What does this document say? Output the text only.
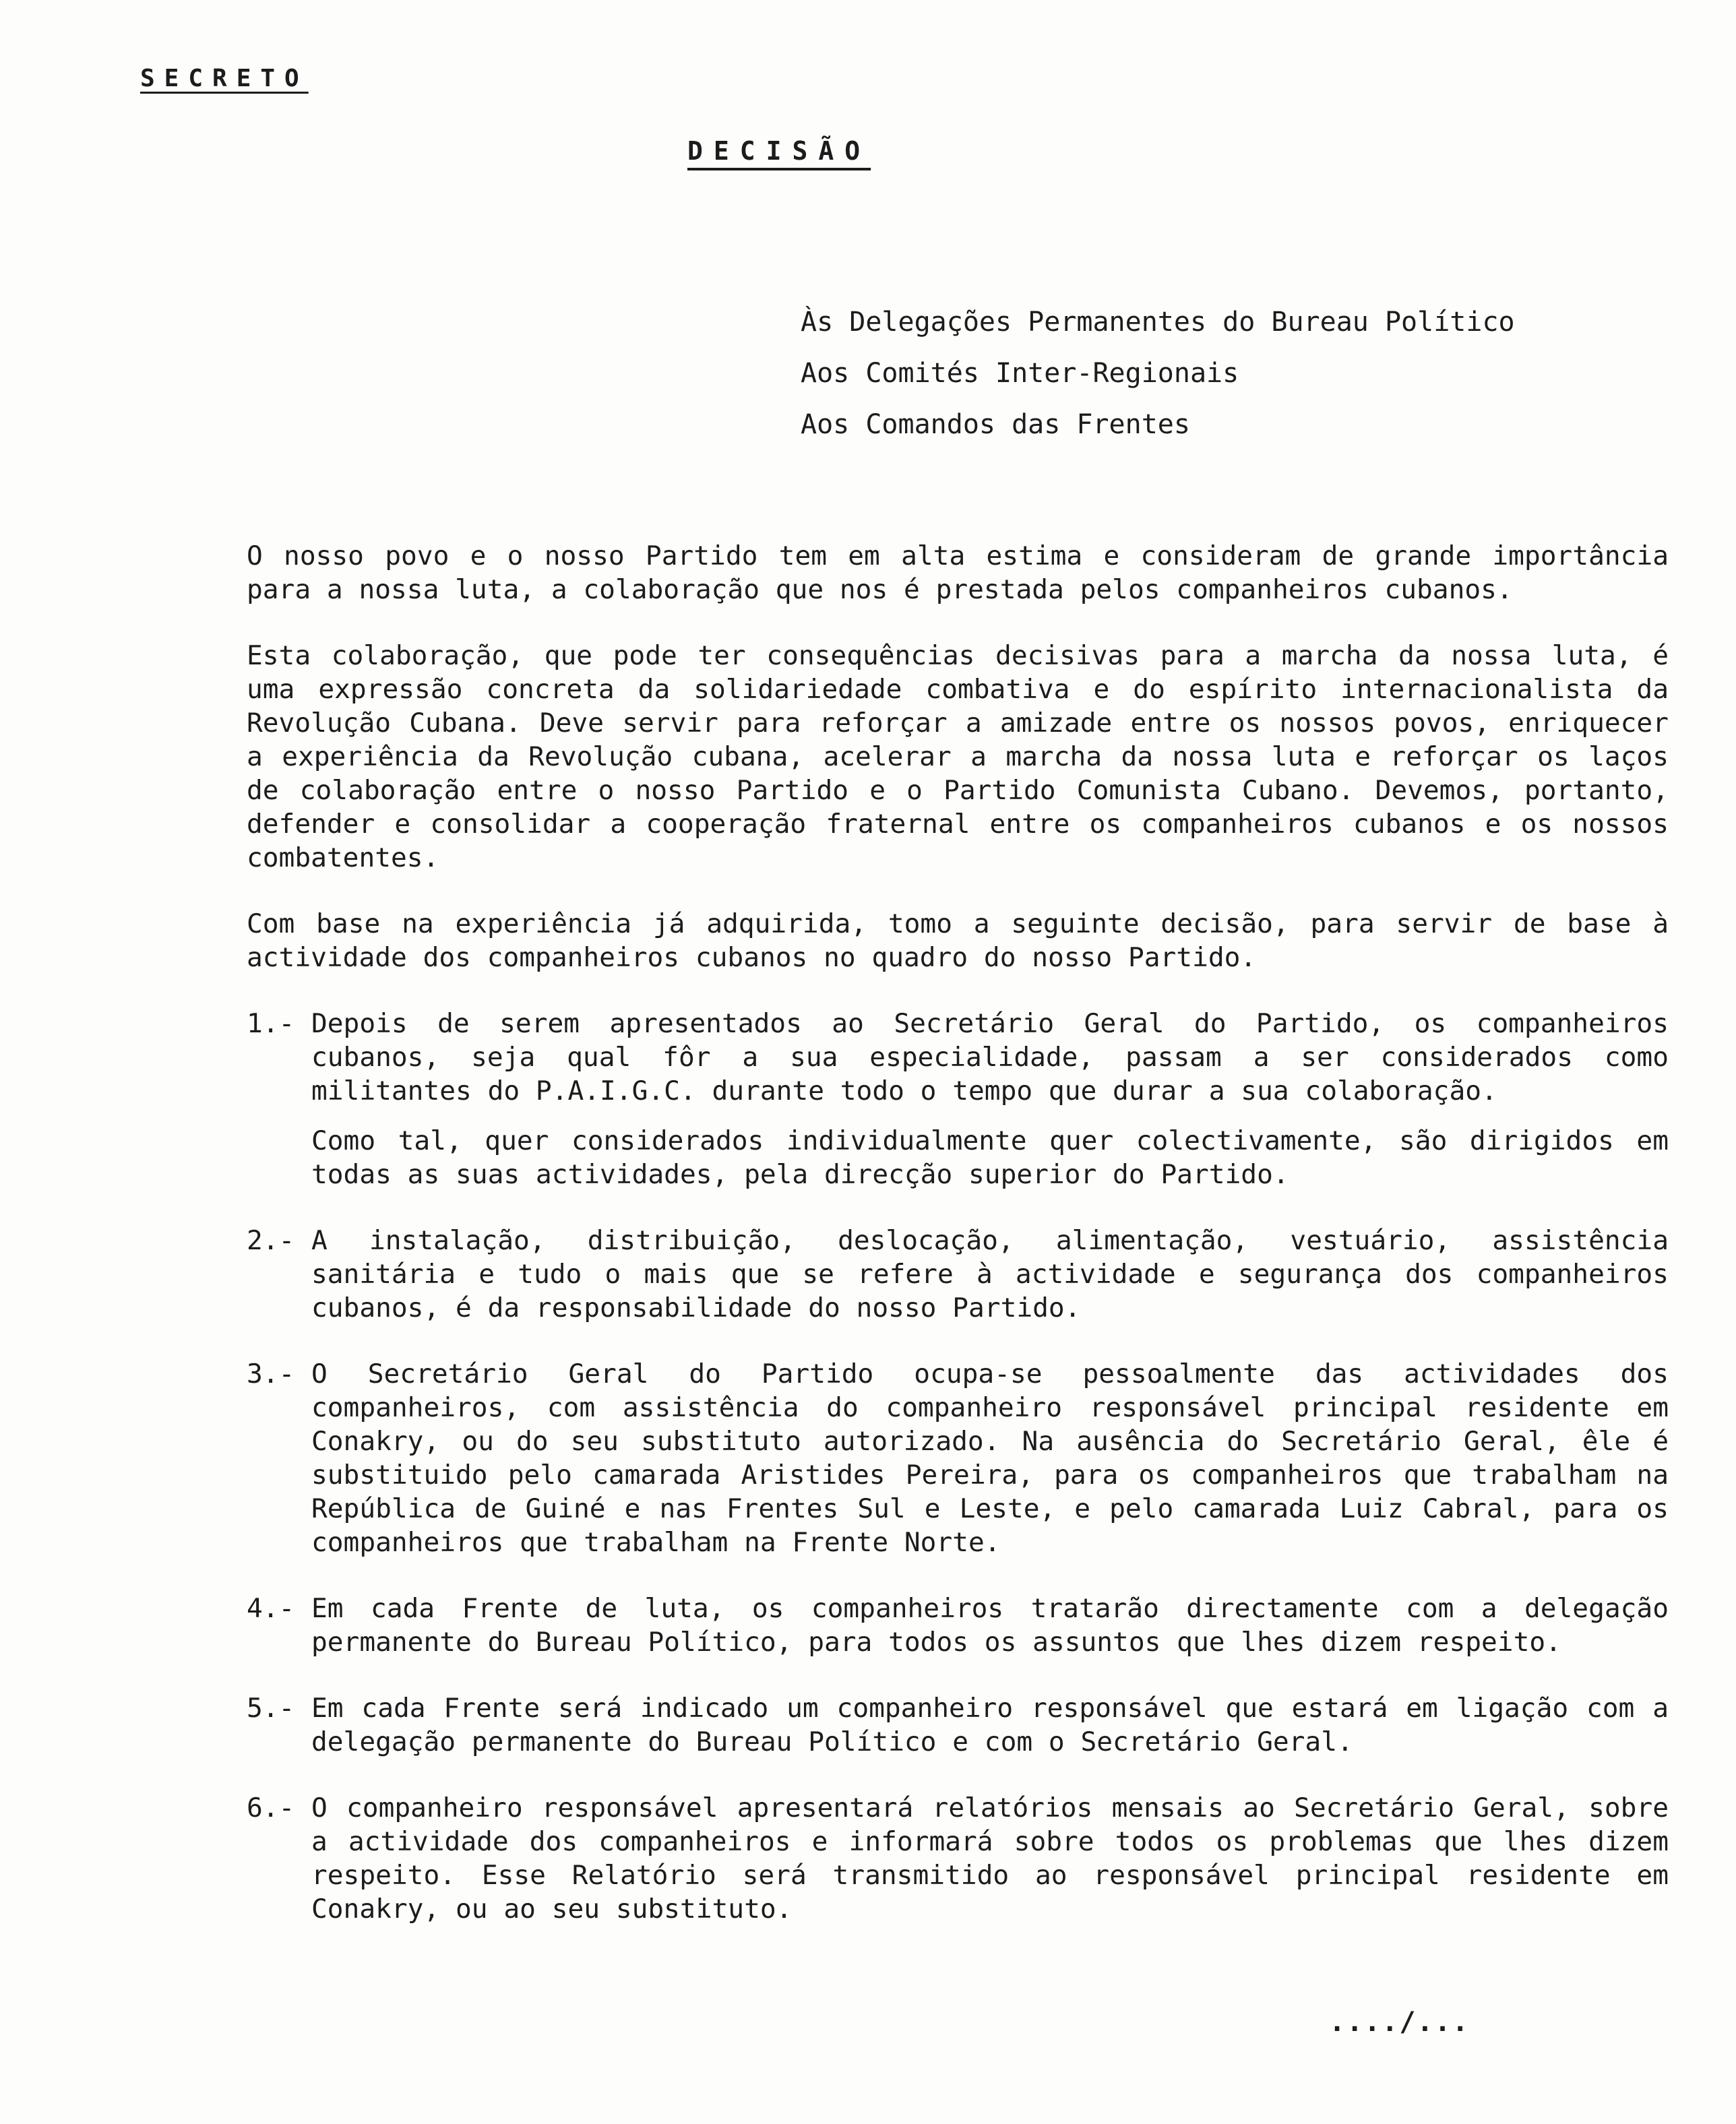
SECRETO
DECISÃO
Às Delegações Permanentes do Bureau Político
Aos Comités Inter-Regionais
Aos Comandos das Frentes

O nosso povo e o nosso Partido tem em alta estima e consideram de grande importância para a nossa luta, a colaboração que nos é prestada pelos companheiros cubanos.

Esta colaboração, que pode ter consequências decisivas para a marcha da nossa luta, é uma expressão concreta da solidariedade combativa e do espírito internacionalista da Revolução Cubana. Deve servir para reforçar a amizade entre os nossos povos, enriquecer a experiência da Revolução cubana, acelerar a marcha da nossa luta e reforçar os laços de colaboração entre o nosso Partido e o Partido Comunista Cubano. Devemos, portanto, defender e consolidar a cooperação fraternal entre os companheiros cubanos e os nossos combatentes.

Com base na experiência já adquirida, tomo a seguinte decisão, para servir de base à actividade dos companheiros cubanos no quadro do nosso Partido.

1.- Depois de serem apresentados ao Secretário Geral do Partido, os companheiros cubanos, seja qual fôr a sua especialidade, passam a ser considerados como militantes do P.A.I.G.C. durante todo o tempo que durar a sua colaboração.

Como tal, quer considerados individualmente quer colectivamente, são dirigidos em todas as suas actividades, pela direcção superior do Partido.

2.- A instalação, distribuição, deslocação, alimentação, vestuário, assistência sanitária e tudo o mais que se refere à actividade e segurança dos companheiros cubanos, é da responsabilidade do nosso Partido.

3.- O Secretário Geral do Partido ocupa-se pessoalmente das actividades dos companheiros, com assistência do companheiro responsável principal residente em Conakry, ou do seu substituto autorizado. Na ausência do Secretário Geral, êle é substituido pelo camarada Aristides Pereira, para os companheiros que trabalham na República de Guiné e nas Frentes Sul e Leste, e pelo camarada Luiz Cabral, para os companheiros que trabalham na Frente Norte.

4.- Em cada Frente de luta, os companheiros tratarão directamente com a delegação permanente do Bureau Político, para todos os assuntos que lhes dizem respeito.

5.- Em cada Frente será indicado um companheiro responsável que estará em ligação com a delegação permanente do Bureau Político e com o Secretário Geral.

6.- O companheiro responsável apresentará relatórios mensais ao Secretário Geral, sobre a actividade dos companheiros e informará sobre todos os problemas que lhes dizem respeito. Esse Relatório será transmitido ao responsável principal residente em Conakry, ou ao seu substituto.

..../...
